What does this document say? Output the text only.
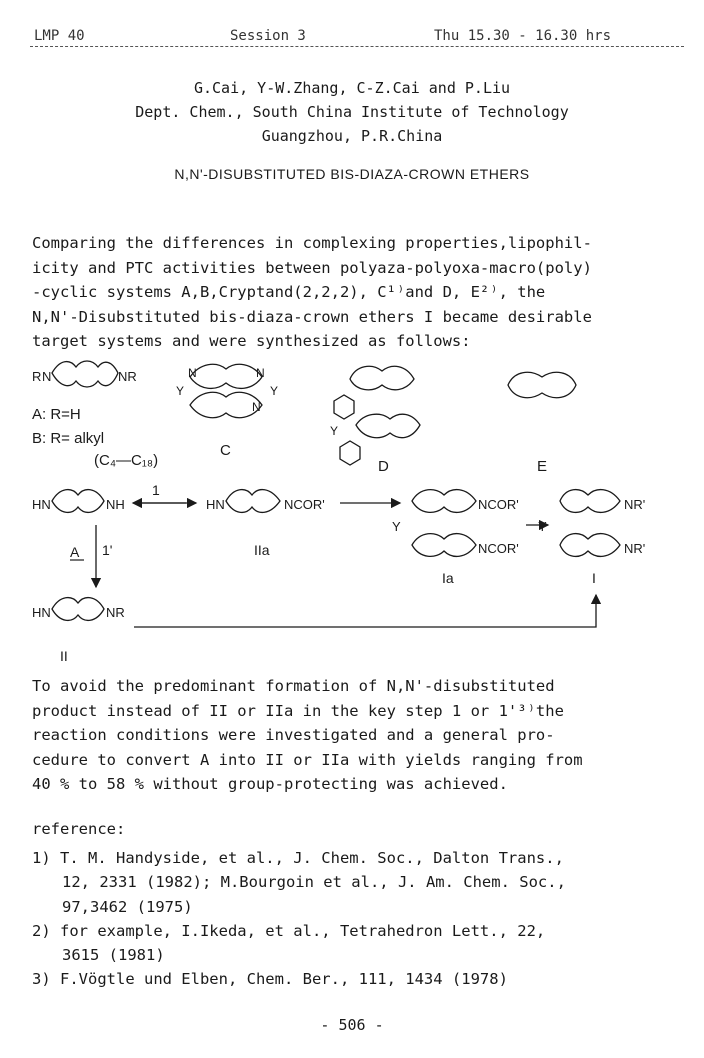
LMP 40	Session 3	Thu 15.30 - 16.30 hrs
G.Cai, Y-W.Zhang, C-Z.Cai and P.Liu
Dept. Chem., South China Institute of Technology
Guangzhou, P.R.China
N,N'-DISUBSTITUTED BIS-DIAZA-CROWN ETHERS
Comparing the differences in complexing properties,lipophil-
icity and PTC activities between polyaza-polyoxa-macro(poly)
-cyclic systems A,B,Cryptand(2,2,2), C¹⁾and D, E²⁾, the
N,N'-Disubstituted bis-diaza-crown ethers I became desirable
target systems and were synthesized as follows:
R N	NR
A: R=H
B: R= alkyl
(C₄—C₁₈)
N	N
N
Y	Y
C
Y
D	E
HN	NH
1
HN	NCOR'
IIa
NCOR'
NCOR'
Y
Ia
NR'
NR'
Y
I
A 1'
HN	NR
II
To avoid the predominant formation of N,N'-disubstituted
product instead of II or IIa in the key step 1 or 1'³⁾the
reaction conditions were investigated and a general pro-
cedure to convert A into II or IIa with yields ranging from
40 % to 58 % without group-protecting was achieved.
reference:
1) T. M. Handyside, et al., J. Chem. Soc., Dalton Trans.,
12, 2331 (1982); M.Bourgoin et al., J. Am. Chem. Soc.,
97,3462 (1975)
2) for example, I.Ikeda, et al., Tetrahedron Lett., 22,
3615 (1981)
3) F.Vögtle und Elben, Chem. Ber., 111, 1434 (1978)
- 506 -
